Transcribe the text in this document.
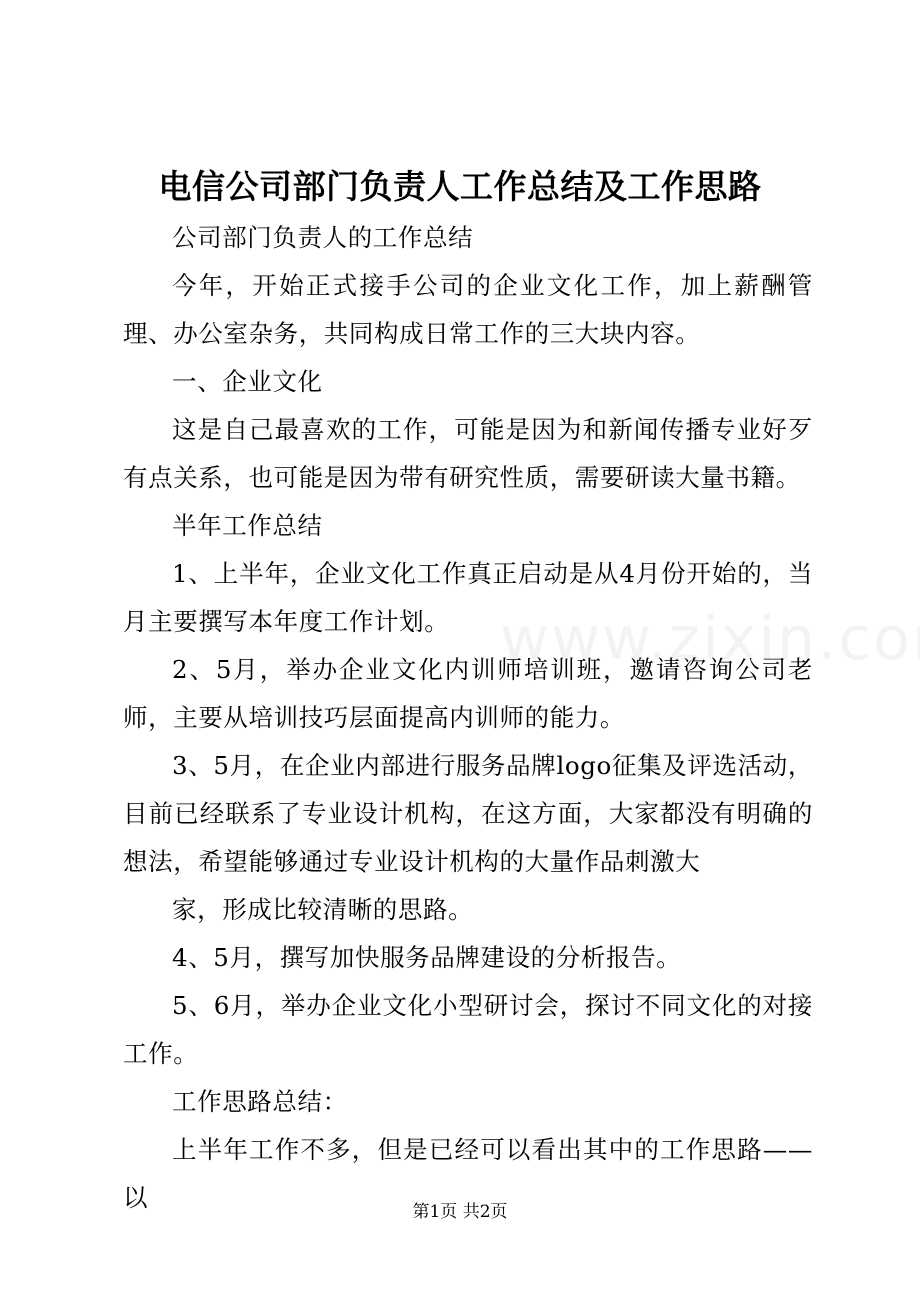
电信公司部门负责人工作总结及工作思路

公司部门负责人的工作总结

今年，开始正式接手公司的企业文化工作，加上薪酬管理、办公室杂务，共同构成日常工作的三大块内容。

一、企业文化

这是自己最喜欢的工作，可能是因为和新闻传播专业好歹有点关系，也可能是因为带有研究性质，需要研读大量书籍。

半年工作总结

1、上半年，企业文化工作真正启动是从4月份开始的，当月主要撰写本年度工作计划。

2、5月，举办企业文化内训师培训班，邀请咨询公司老师，主要从培训技巧层面提高内训师的能力。

3、5月，在企业内部进行服务品牌logo征集及评选活动，目前已经联系了专业设计机构，在这方面，大家都没有明确的想法，希望能够通过专业设计机构的大量作品刺激大

家，形成比较清晰的思路。

4、5月，撰写加快服务品牌建设的分析报告。

5、6月，举办企业文化小型研讨会，探讨不同文化的对接工作。

工作思路总结：

上半年工作不多，但是已经可以看出其中的工作思路——以	第1页 共2页
